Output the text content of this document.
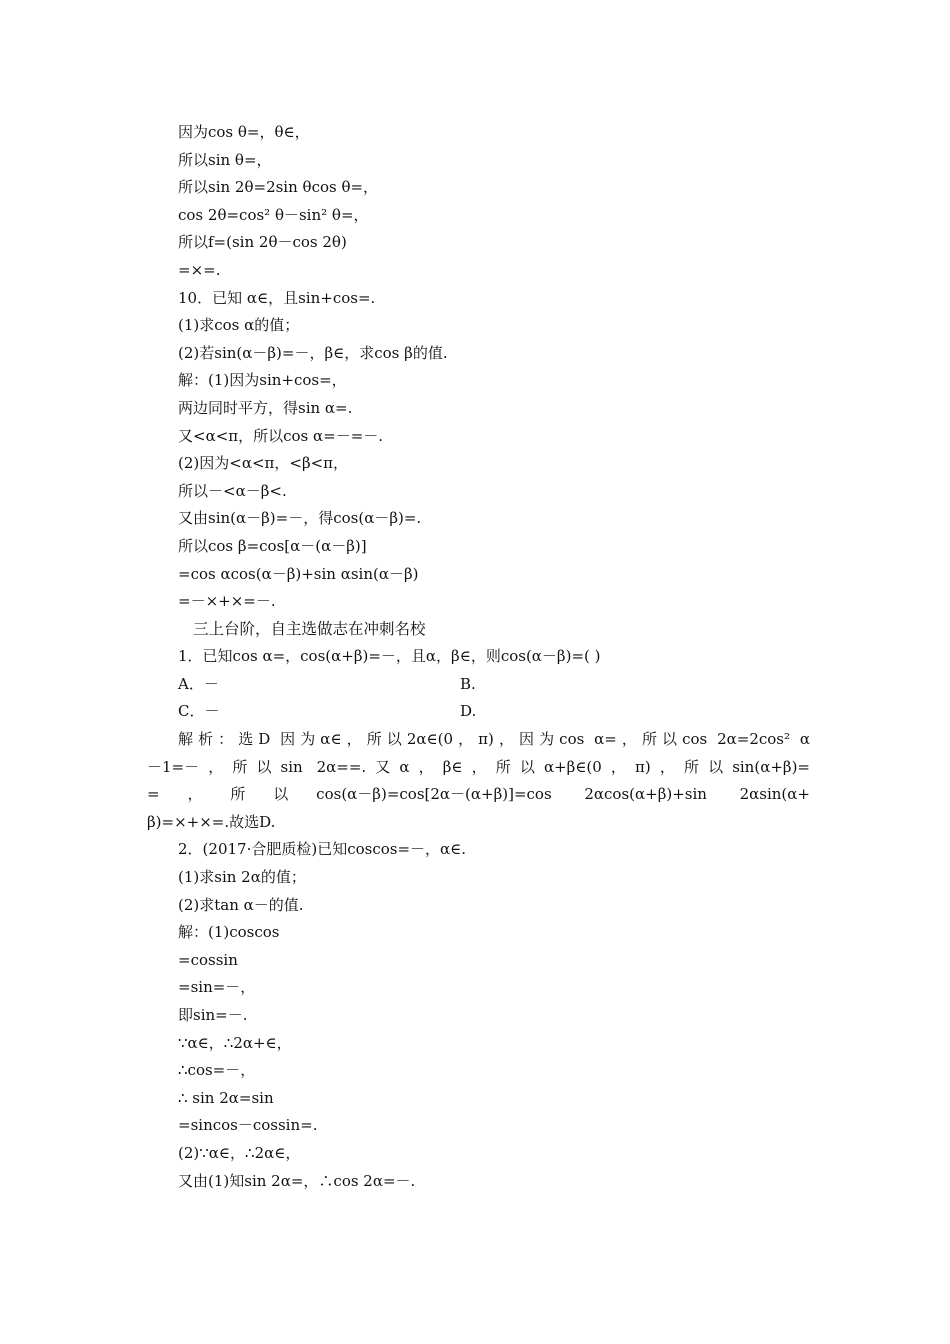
因为cos θ=，θ∈，
所以sin θ=，
所以sin 2θ=2sin θcos θ=，
cos 2θ=cos² θ－sin² θ=，
所以f=(sin 2θ－cos 2θ)
=×=.
10．已知 α∈，且sin+cos=.
(1)求cos α的值；
(2)若sin(α－β)=－，β∈，求cos β的值.
解：(1)因为sin+cos=，
两边同时平方，得sin α=.
又<α<π，所以cos α=－=－.
(2)因为<α<π，<β<π，
所以－<α－β<.
又由sin(α－β)=－，得cos(α－β)=.
所以cos β=cos[α－(α－β)]
=cos αcos(α－β)+sin αsin(α－β)
=－×+×=－.
三上台阶，自主选做志在冲刺名校
1．已知cos α=，cos(α+β)=－，且α，β∈，则cos(α－β)=( )
A．－	B.
C．－	D.
解析：选D 因为α∈，所以2α∈(0，π)，因为cos α=，所以cos 2α=2cos² α
－1=－，所以sin 2α==.又α，β∈，所以α+β∈(0，π)，所以sin(α+β)=
=，所以cos(α－β)=cos[2α－(α+β)]=cos 2αcos(α+β)+sin 2αsin(α+
β)=×+×=.故选D.
2．(2017·合肥质检)已知coscos=－，α∈.
(1)求sin 2α的值；
(2)求tan α－的值.
解：(1)coscos
=cossin
=sin=－，
即sin=－.
∵α∈，∴2α+∈，
∴cos=－，
∴ sin 2α=sin
=sincos－cossin=.
(2)∵α∈，∴2α∈，
又由(1)知sin 2α=，∴cos 2α=－.
